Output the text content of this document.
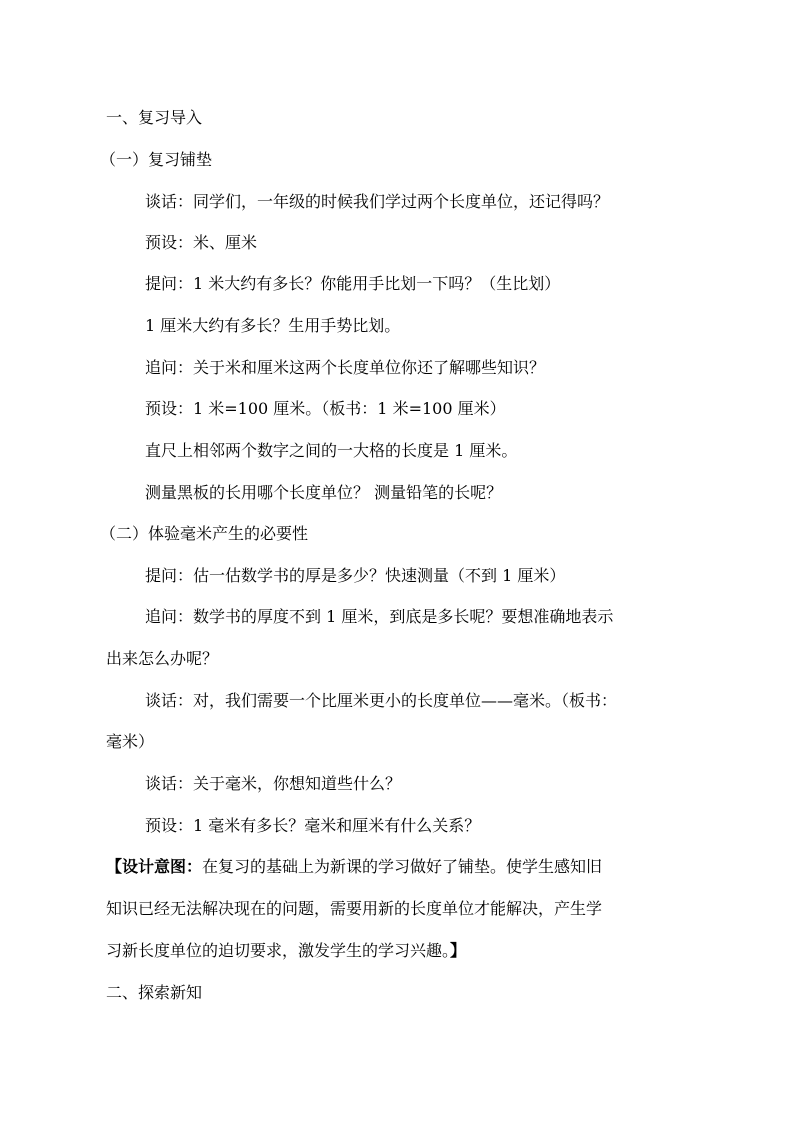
一、复习导入
（一）复习铺垫
谈话：同学们，一年级的时候我们学过两个长度单位，还记得吗？
预设：米、厘米
提问：1 米大约有多长？你能用手比划一下吗？（生比划）
1 厘米大约有多长？生用手势比划。
追问：关于米和厘米这两个长度单位你还了解哪些知识？
预设：1 米=100 厘米。（板书：1 米=100 厘米）
直尺上相邻两个数字之间的一大格的长度是 1 厘米。
测量黑板的长用哪个长度单位？ 测量铅笔的长呢？
（二）体验毫米产生的必要性
提问：估一估数学书的厚是多少？快速测量（不到 1 厘米）
追问：数学书的厚度不到 1 厘米，到底是多长呢？要想准确地表示
出来怎么办呢？
谈话：对，我们需要一个比厘米更小的长度单位——毫米。（板书：
毫米）
谈话：关于毫米，你想知道些什么？
预设：1 毫米有多长？毫米和厘米有什么关系？
【设计意图：在复习的基础上为新课的学习做好了铺垫。使学生感知旧
知识已经无法解决现在的问题，需要用新的长度单位才能解决，产生学
习新长度单位的迫切要求，激发学生的学习兴趣。】
二、探索新知
